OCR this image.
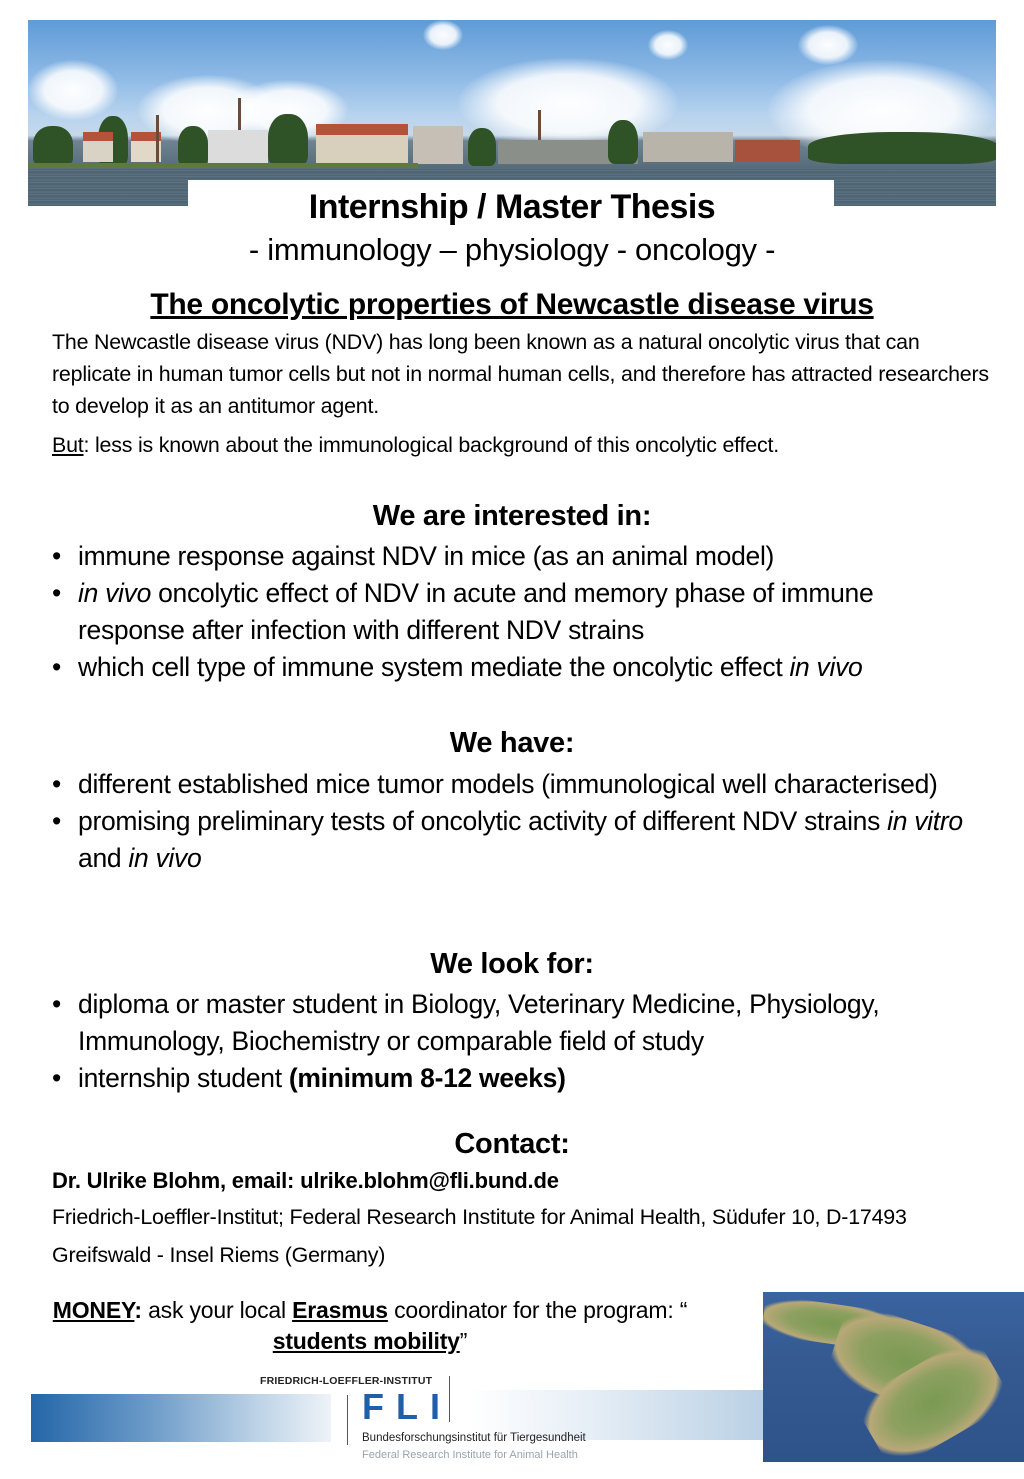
Internship / Master Thesis
- immunology – physiology - oncology -
The oncolytic properties of Newcastle disease virus
The Newcastle disease virus (NDV) has long been known as a natural oncolytic virus that can replicate in human tumor cells but not in normal human cells, and therefore has attracted researchers to develop it as an antitumor agent.
But: less is known about the immunological background of this oncolytic effect.
We are interested in:
• immune response against NDV in mice (as an animal model)
• in vivo oncolytic effect of NDV in acute and memory phase of immune response after infection with different NDV strains
• which cell type of immune system mediate the oncolytic effect in vivo
We have:
• different established mice tumor models (immunological well characterised)
• promising preliminary tests of oncolytic activity of different NDV strains in vitro and in vivo
We look for:
• diploma or master student in Biology, Veterinary Medicine, Physiology, Immunology, Biochemistry or comparable field of study
• internship student (minimum 8-12 weeks)
Contact:
Dr. Ulrike Blohm, email: ulrike.blohm@fli.bund.de
Friedrich-Loeffler-Institut; Federal Research Institute for Animal Health, Südufer 10, D-17493 Greifswald - Insel Riems (Germany)
MONEY: ask your local Erasmus coordinator for the program: “ students mobility”
FRIEDRICH-LOEFFLER-INSTITUT
FLI
Bundesforschungsinstitut für Tiergesundheit
Federal Research Institute for Animal Health
